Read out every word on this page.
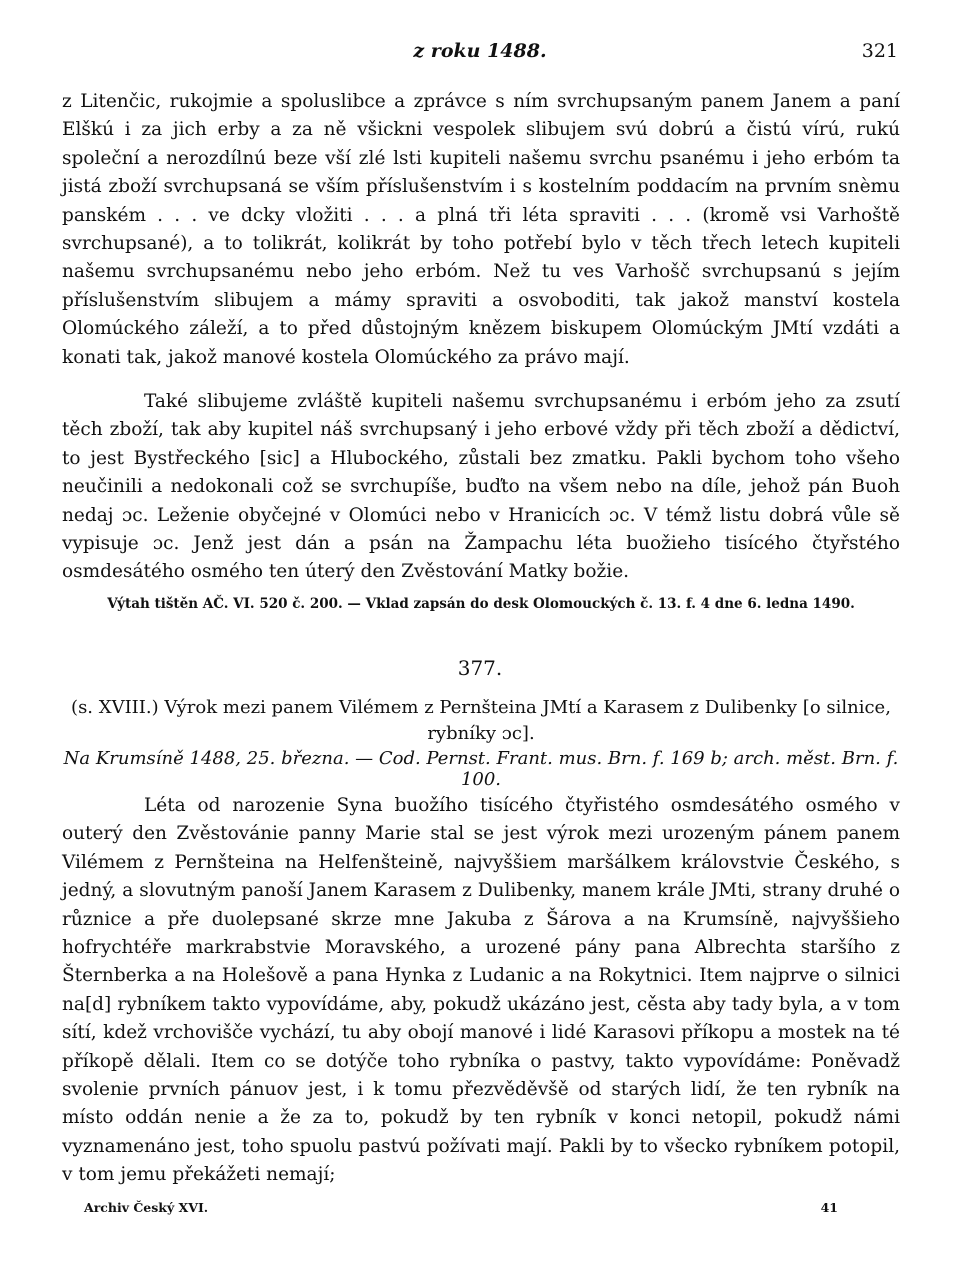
z roku 1488.	321

z Litenčic, rukojmie a spoluslibce a zprávce s ním svrchupsaným panem Janem a paní Elškú i za jich erby a za ně všickni vespolek slibujem svú dobrú a čistú vírú, rukú společní a nerozdílnú beze vší zlé lsti kupiteli našemu svrchu psanému i jeho erbóm ta jistá zboží svrchupsaná se vším příslušenstvím i s kostelním poddacím na prvním snèmu panském . . . ve dcky vložiti . . . a plná tři léta spraviti . . . (kromě vsi Varhoště svrchupsané), a to tolikrát, kolikrát by toho potřebí bylo v těch třech letech kupiteli našemu svrchupsanému nebo jeho erbóm. Než tu ves Varhošč svrchupsanú s jejím příslušenstvím slibujem a mámy spraviti a osvoboditi, tak jakož manství kostela Olomúckého záleží, a to před důstojným knězem biskupem Olomúckým JMtí vzdáti a konati tak, jakož manové kostela Olomúckého za právo mají.

Také slibujeme zvláště kupiteli našemu svrchupsanému i erbóm jeho za zsutí těch zboží, tak aby kupitel náš svrchupsaný i jeho erbové vždy při těch zboží a dědictví, to jest Bystřeckého [sic] a Hlubockého, zůstali bez zmatku. Pakli bychom toho všeho neučinili a nedokonali což se svrchupíše, buďto na všem nebo na díle, jehož pán Buoh nedaj ɔc. Leženie obyčejné v Olomúci nebo v Hranicích ɔc. V témž listu dobrá vůle sě vypisuje ɔc. Jenž jest dán a psán na Žampachu léta buožieho tisícého čtyřstého osmdesátého osmého ten úterý den Zvěstování Matky božie.

Výtah tištěn AČ. VI. 520 č. 200. — Vklad zapsán do desk Olomouckých č. 13. f. 4 dne 6. ledna 1490.
377.
(s. XVIII.) Výrok mezi panem Vilémem z Pernšteina JMtí a Karasem z Dulibenky [o silnice, rybníky ɔc].
Na Krumsíně 1488, 25. března. — Cod. Pernst. Frant. mus. Brn. f. 169 b; arch. měst. Brn. f. 100.

Léta od narozenie Syna buožího tisícého čtyřistého osmdesátého osmého v outerý den Zvěstovánie panny Marie stal se jest výrok mezi urozeným pánem panem Vilémem z Pernšteina na Helfenšteině, najvyššiem maršálkem královstvie Českého, s jedný, a slovutným panoší Janem Karasem z Dulibenky, manem krále JMti, strany druhé o různice a pře duolepsané skrze mne Jakuba z Šárova a na Krumsíně, najvyššieho hofrychtéře markrabstvie Moravského, a urozené pány pana Albrechta staršího z Šternberka a na Holešově a pana Hynka z Ludanic a na Rokytnici. Item najprve o silnici na[d] rybníkem takto vypovídáme, aby, pokudž ukázáno jest, cěsta aby tady byla, a v tom sítí, kdež vrchovišče vychází, tu aby obojí manové i lidé Karasovi příkopu a mostek na té příkopě dělali. Item co se dotýče toho rybníka o pastvy, takto vypovídáme: Poněvadž svolenie prvních pánuov jest, i k tomu přezvěděvšě od starých lidí, že ten rybník na místo oddán nenie a že za to, pokudž by ten rybník v konci netopil, pokudž námi vyznamenáno jest, toho spuolu pastvú požívati mají. Pakli by to všecko rybníkem potopil, v tom jemu překážeti nemají;

Archiv Český XVI.	41
